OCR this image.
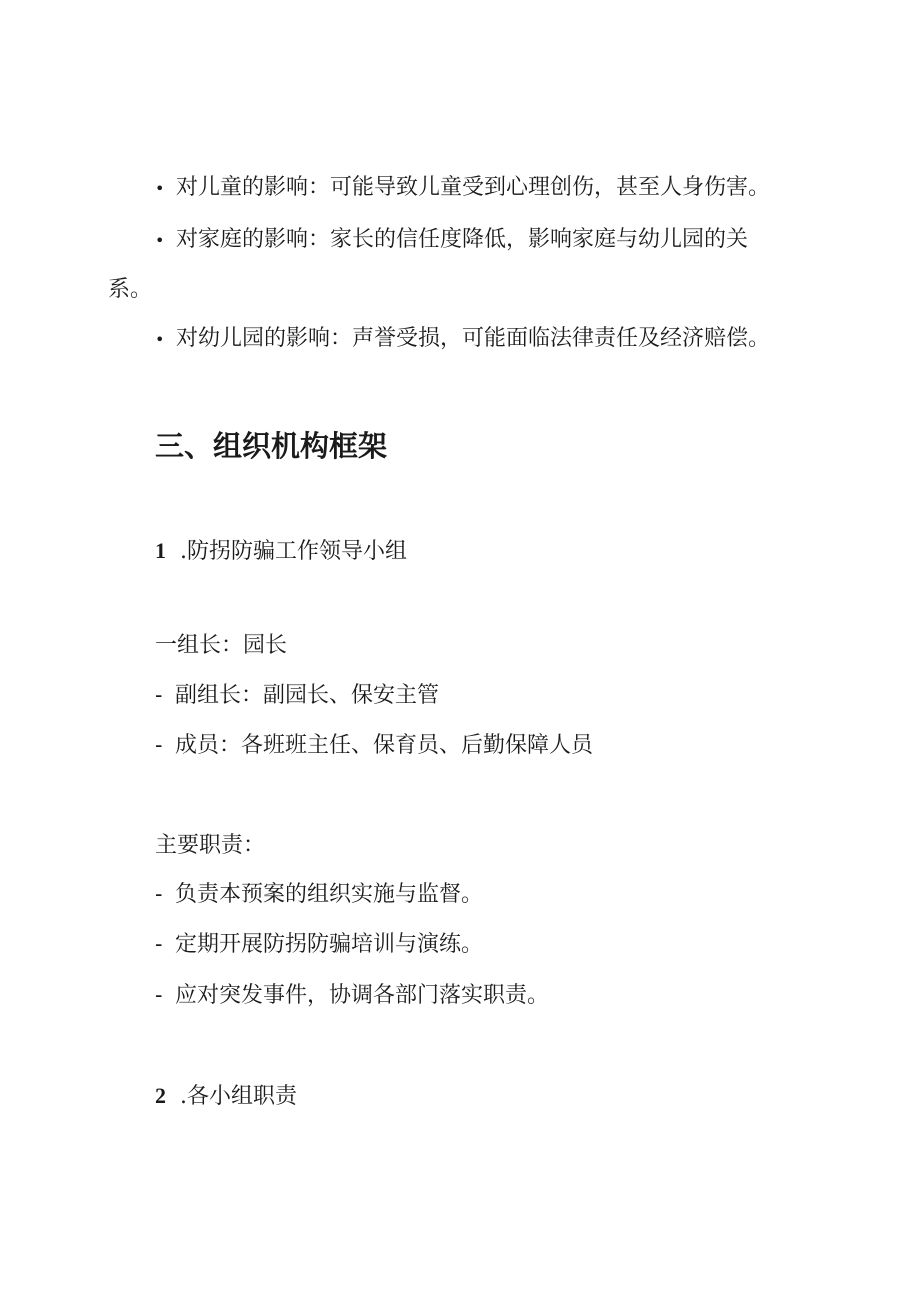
• 对儿童的影响：可能导致儿童受到心理创伤，甚至人身伤害。
• 对家庭的影响：家长的信任度降低，影响家庭与幼儿园的关
系。
• 对幼儿园的影响：声誉受损，可能面临法律责任及经济赔偿。
三、组织机构框架
1 .防拐防骗工作领导小组
一组长：园长
- 副组长：副园长、保安主管
- 成员：各班班主任、保育员、后勤保障人员
主要职责：
- 负责本预案的组织实施与监督。
- 定期开展防拐防骗培训与演练。
- 应对突发事件，协调各部门落实职责。
2 .各小组职责
